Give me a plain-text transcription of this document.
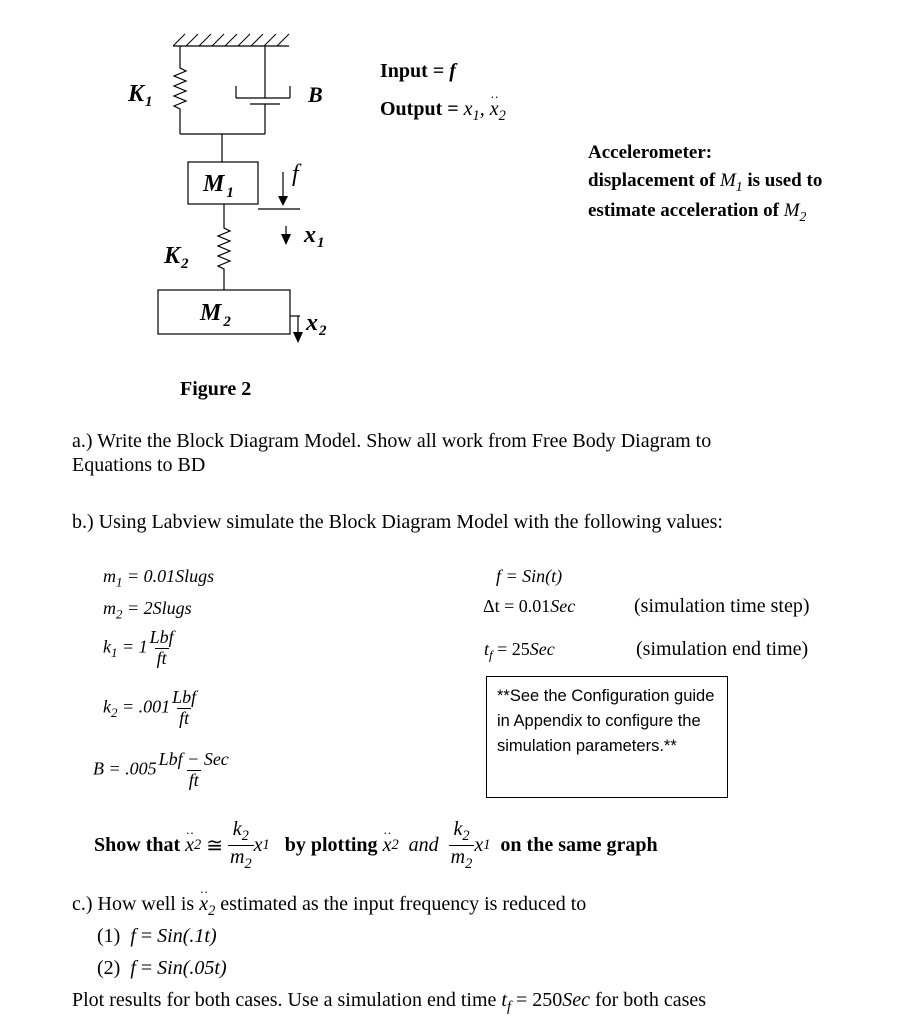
M $_1$
f
$x_1$
M $_2$	$x_2$
$K_1$
$K_2$
B
Figure 2
Input = f
Output = $x_1$, .. $x_2$
Accelerometer:
displacement of $M_1$ is used to
estimate acceleration of $M_2$
a.) Write the Block Diagram Model. Show all work from Free Body Diagram to
Equations to BD
b.) Using Labview simulate the Block Diagram Model with the following values:
$m_1$ = 0.01Slugs
$m_2$ = 2Slugs
$k_1 = 1 \frac{\text{Lbf}}{ft}$
$k_2 = .001 \frac{\text{Lbf}}{ft}$
$B = .005 \frac{\text{Lbf − Sec}}{ft}$
f = Sin(t)
Δt = 0.01Sec	(simulation time step)
$t_f = 25Sec$	(simulation end time)
**See the Configuration guide in Appendix to configure the simulation parameters.**
Show that
.. x 2
≅
$\frac{k_2}{m_2}$ x 1
by plotting
.. x 2
and
$\frac{k_2}{m_2}$ x 1
on the same graph
c.) How well is .. $x_2$ estimated as the input frequency is reduced to
(1) f = Sin(.1t)
(2) f = Sin(.05t)
Plot results for both cases. Use a simulation end time $t_f = 250Sec$ for both cases
